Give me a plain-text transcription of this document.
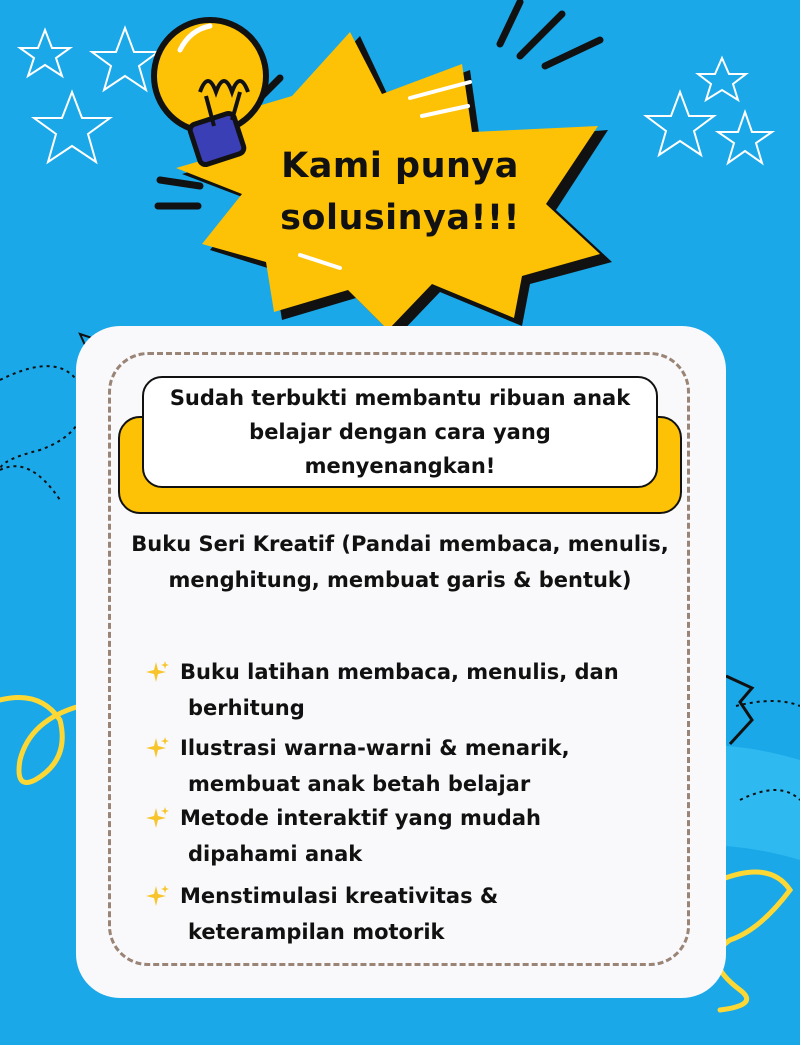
Kami punya
solusinya!!!
Sudah terbukti membantu ribuan anak belajar dengan cara yang menyenangkan!
Buku Seri Kreatif (Pandai membaca, menulis, menghitung, membuat garis & bentuk)
Buku latihan membaca, menulis, dan
berhitung
Ilustrasi warna-warni & menarik,
membuat anak betah belajar
Metode interaktif yang mudah
dipahami anak
Menstimulasi kreativitas &
keterampilan motorik
